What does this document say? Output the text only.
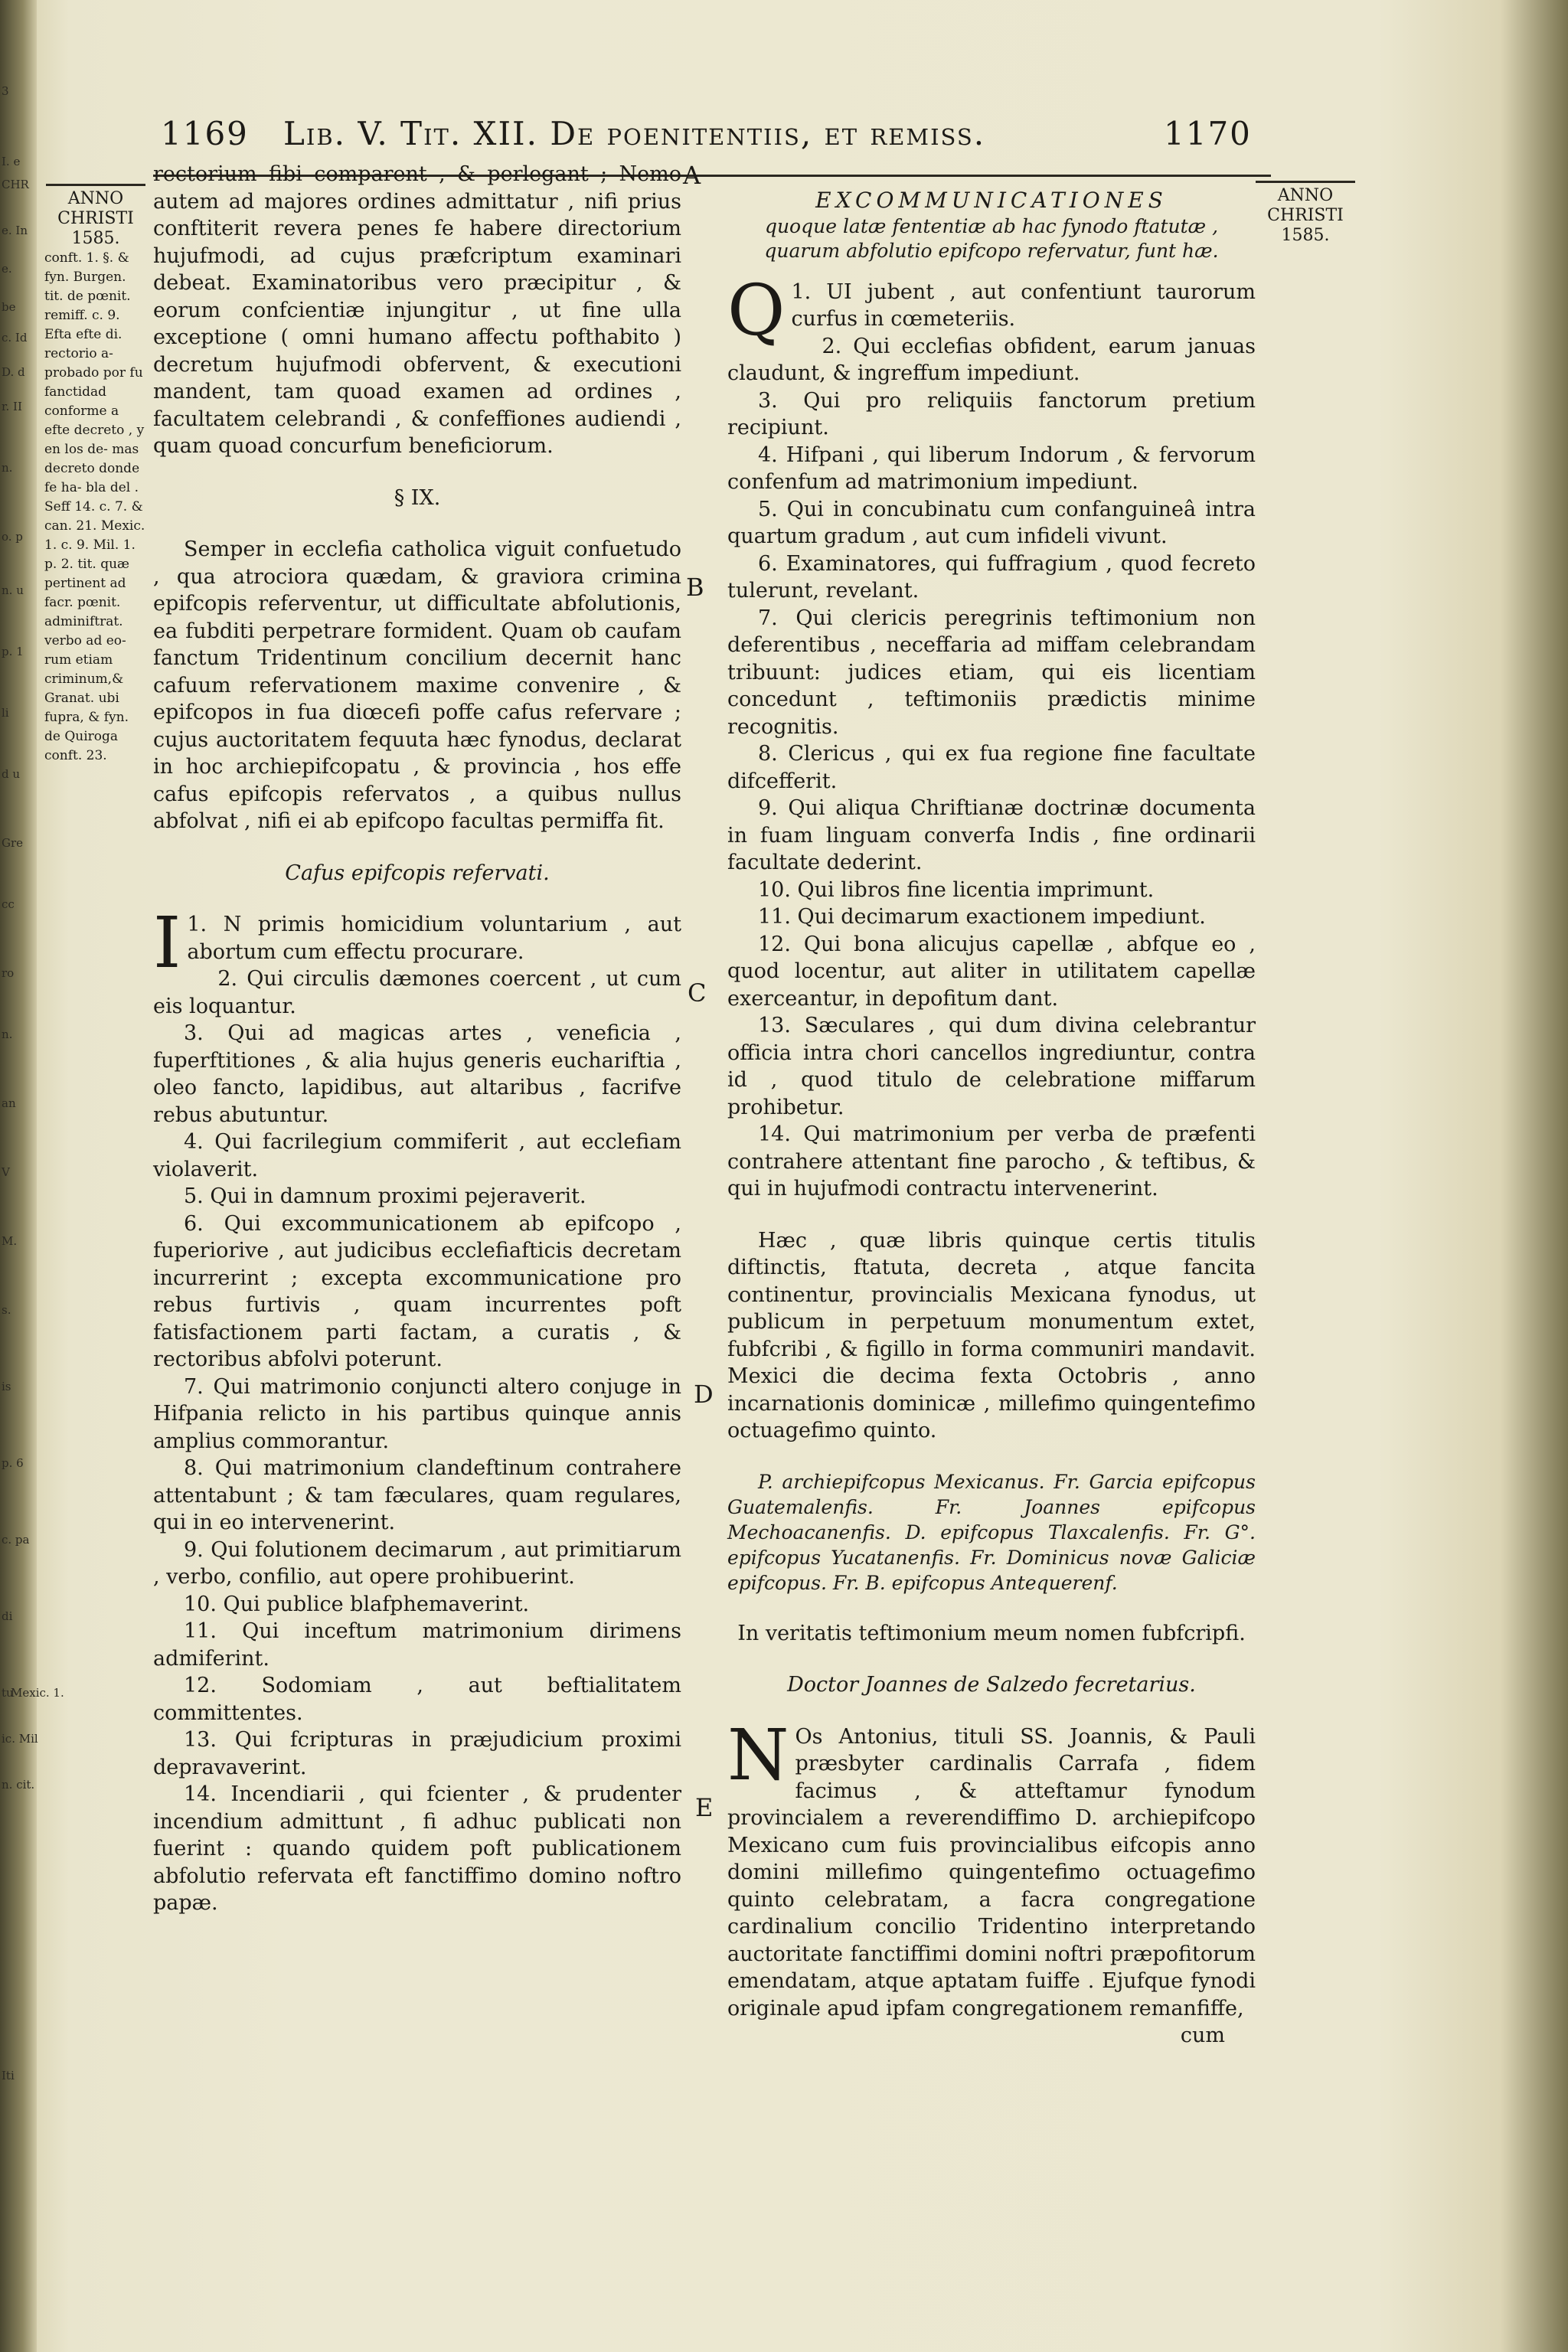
3
I. e
CHR
e. In
e.
be
c. Id
D. d
r. II
n.
o. p
n. u
p. 1
li
d u
Gre
cc
ro
n.
an
V
M.
s.
is
p. 6
c. pa
di
tu
Mexic. 1.
ic. Mil
n. cit.
Iti
1169 Lib. V. Tit. XII. De poenitentiis, et remiss.	1170
ANNO
CHRISTI
1585.
ANNO
CHRISTI
1585.
conft. 1. §. & fyn. Burgen. tit. de pœnit. remiff. c. 9. Efta efte di. rectorio a- probado por fu fanctidad conforme a efte decreto , y en los de- mas decreto donde fe ha- bla del . Seff 14. c. 7. & can. 21. Mexic. 1. c. 9. Mil. 1. p. 2. tit. quæ pertinent ad facr. pœnit. adminiftrat. verbo ad eo- rum etiam criminum,& Granat. ubi fupra, & fyn. de Quiroga conft. 23.
A
B
C
D
E

rectorium fibi comparent , & perlegant ; Nemo autem ad majores ordines admittatur , nifi prius conftiterit revera penes fe habere directorium hujufmodi, ad cujus præfcriptum examinari debeat. Examinatoribus vero præcipitur , & eorum confcientiæ injungitur , ut fine ulla exceptione ( omni humano affectu pofthabito ) decretum hujufmodi obfervent, & executioni mandent, tam quoad examen ad ordines , facultatem celebrandi , & confeffiones audiendi , quam quoad concurfum beneficiorum.

§ IX.

Semper in ecclefia catholica viguit confuetudo , qua atrociora quædam, & graviora crimina epifcopis referventur, ut difficultate abfolutionis, ea fubditi perpetrare formident. Quam ob caufam fanctum Tridentinum concilium decernit hanc cafuum refervationem maxime convenire , & epifcopos in fua diœcefi poffe cafus refervare ; cujus auctoritatem fequuta hæc fynodus, declarat in hoc archiepifcopatu , & provincia , hos effe cafus epifcopis refervatos , a quibus nullus abfolvat , nifi ei ab epifcopo facultas permiffa fit.

Cafus epifcopis refervati.

1.
I N primis homicidium voluntarium , aut abortum cum effectu procurare.

2. Qui circulis dæmones coercent , ut cum eis loquantur.

3. Qui ad magicas artes , veneficia , fuperftitiones , & alia hujus generis euchariftia , oleo fancto, lapidibus, aut altaribus , facrifve rebus abutuntur.

4. Qui facrilegium commiferit , aut ecclefiam violaverit.

5. Qui in damnum proximi pejeraverit.

6. Qui excommunicationem ab epifcopo , fuperiorive , aut judicibus ecclefiafticis decretam incurrerint ; excepta excommunicatione pro rebus furtivis , quam incurrentes poft fatisfactionem parti factam, a curatis , & rectoribus abfolvi poterunt.

7. Qui matrimonio conjuncti altero conjuge in Hifpania relicto in his partibus quinque annis amplius commorantur.

8. Qui matrimonium clandeftinum contrahere attentabunt ; & tam fæculares, quam regulares, qui in eo intervenerint.

9. Qui folutionem decimarum , aut primitiarum , verbo, confilio, aut opere prohibuerint.

10. Qui publice blafphemaverint.

11. Qui inceftum matrimonium dirimens admiferint.

12. Sodomiam , aut beftialitatem committentes.

13. Qui fcripturas in præjudicium proximi depravaverint.

14. Incendiarii , qui fcienter , & prudenter incendium admittunt , fi adhuc publicati non fuerint : quando quidem poft publicationem abfolutio refervata eft fanctiffimo domino noftro papæ.

EXCOMMUNICATIONES

quoque latæ fententiæ ab hac fynodo ftatutæ , quarum abfolutio epifcopo refervatur, funt hæ.

1.
Q UI jubent , aut confentiunt taurorum curfus in cœmeteriis.

2. Qui ecclefias obfident, earum januas claudunt, & ingreffum impediunt.

3. Qui pro reliquiis fanctorum pretium recipiunt.

4. Hifpani , qui liberum Indorum , & fervorum confenfum ad matrimonium impediunt.

5. Qui in concubinatu cum confanguineâ intra quartum gradum , aut cum infideli vivunt.

6. Examinatores, qui fuffragium , quod fecreto tulerunt, revelant.

7. Qui clericis peregrinis teftimonium non deferentibus , neceffaria ad miffam celebrandam tribuunt: judices etiam, qui eis licentiam concedunt , teftimoniis prædictis minime recognitis.

8. Clericus , qui ex fua regione fine facultate difcefferit.

9. Qui aliqua Chriftianæ doctrinæ documenta in fuam linguam converfa Indis , fine ordinarii facultate dederint.

10. Qui libros fine licentia imprimunt.

11. Qui decimarum exactionem impediunt.

12. Qui bona alicujus capellæ , abfque eo , quod locentur, aut aliter in utilitatem capellæ exerceantur, in depofitum dant.

13. Sæculares , qui dum divina celebrantur officia intra chori cancellos ingrediuntur, contra id , quod titulo de celebratione miffarum prohibetur.

14. Qui matrimonium per verba de præfenti contrahere attentant fine parocho , & teftibus, & qui in hujufmodi contractu intervenerint.

Hæc , quæ libris quinque certis titulis diftinctis, ftatuta, decreta , atque fancita continentur, provincialis Mexicana fynodus, ut publicum in perpetuum monumentum extet, fubfcribi , & figillo in forma communiri mandavit. Mexici die decima fexta Octobris , anno incarnationis dominicæ , millefimo quingentefimo octuagefimo quinto.

P. archiepifcopus Mexicanus. Fr. Garcia epifcopus Guatemalenfis. Fr. Joannes epifcopus Mechoacanenfis. D. epifcopus Tlaxcalenfis. Fr. G°. epifcopus Yucatanenfis. Fr. Dominicus novæ Galiciæ epifcopus. Fr. B. epifcopus Antequerenf.

In veritatis teftimonium meum nomen fubfcripfi.

Doctor Joannes de Salzedo fecretarius.

N Os Antonius, tituli SS. Joannis, & Pauli præsbyter cardinalis Carrafa , fidem facimus , & atteftamur fynodum provincialem a reverendiffimo D. archiepifcopo Mexicano cum fuis provincialibus eifcopis anno domini millefimo quingentefimo octuagefimo quinto celebratam, a facra congregatione cardinalium concilio Tridentino interpretando auctoritate fanctiffimi domini noftri præpofitorum emendatam, atque aptatam fuiffe . Ejufque fynodi originale apud ipfam congregationem remanfiffe,

cum
